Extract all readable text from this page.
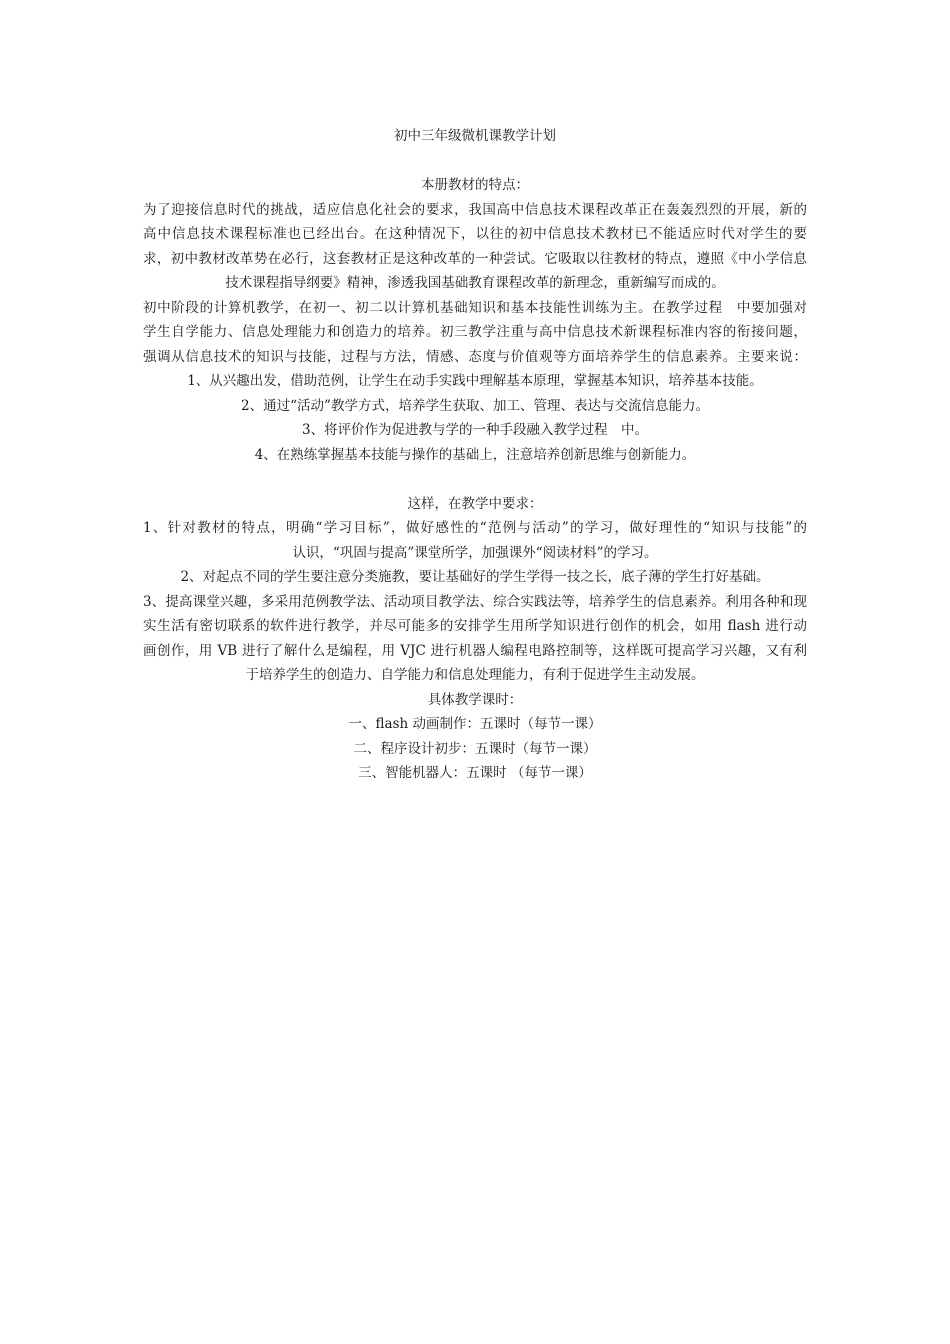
初中三年级微机课教学计划
本册教材的特点：
为了迎接信息时代的挑战，适应信息化社会的要求，我国高中信息技术课程改革正在轰轰烈烈的开展，新的
高中信息技术课程标准也已经出台。在这种情况下，以往的初中信息技术教材已不能适应时代对学生的要
求，初中教材改革势在必行，这套教材正是这种改革的一种尝试。它吸取以往教材的特点，遵照《中小学信息
技术课程指导纲要》精神，渗透我国基础教育课程改革的新理念，重新编写而成的。
初中阶段的计算机教学，在初一、初二以计算机基础知识和基本技能性训练为主。在教学过程　中要加强对
学生自学能力、信息处理能力和创造力的培养。初三教学注重与高中信息技术新课程标准内容的衔接问题，
强调从信息技术的知识与技能，过程与方法，情感、态度与价值观等方面培养学生的信息素养。主要来说：
1、从兴趣出发，借助范例，让学生在动手实践中理解基本原理，掌握基本知识，培养基本技能。
2、通过“活动”教学方式，培养学生获取、加工、管理、表达与交流信息能力。
3、将评价作为促进教与学的一种手段融入教学过程　中。
4、在熟练掌握基本技能与操作的基础上，注意培养创新思维与创新能力。
这样，在教学中要求：
1、针对教材的特点，明确“学习目标”，做好感性的“范例与活动”的学习，做好理性的“知识与技能”的
认识，“巩固与提高”课堂所学，加强课外“阅读材料”的学习。
2、对起点不同的学生要注意分类施教，要让基础好的学生学得一技之长，底子薄的学生打好基础。
3、提高课堂兴趣，多采用范例教学法、活动项目教学法、综合实践法等，培养学生的信息素养。利用各种和现
实生活有密切联系的软件进行教学，并尽可能多的安排学生用所学知识进行创作的机会，如用 flash 进行动
画创作，用 VB 进行了解什么是编程，用 VJC 进行机器人编程电路控制等，这样既可提高学习兴趣，又有利
于培养学生的创造力、自学能力和信息处理能力，有利于促进学生主动发展。
具体教学课时：
一、flash 动画制作：五课时（每节一课）
二、程序设计初步：五课时（每节一课）
三、智能机器人：五课时 （每节一课）
